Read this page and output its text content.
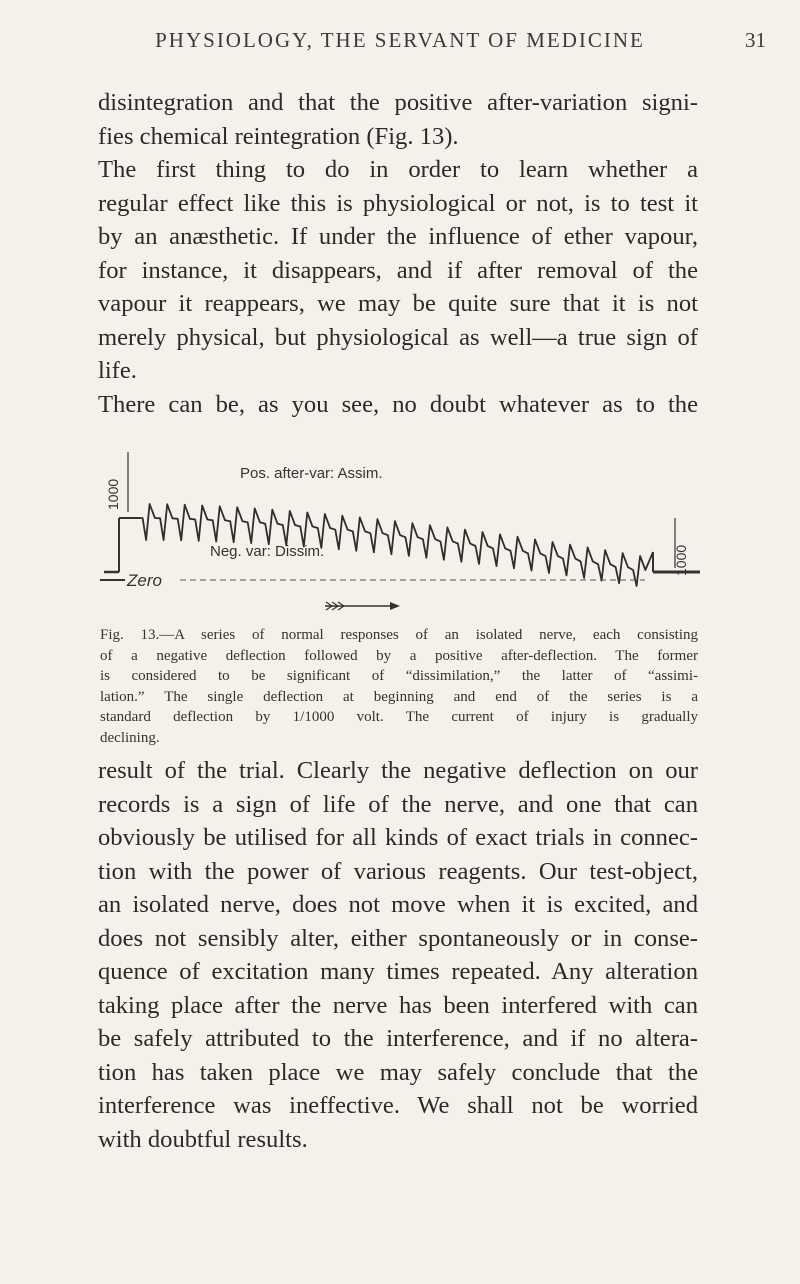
PHYSIOLOGY, THE SERVANT OF MEDICINE	31

disintegration and that the positive after-variation signi-
fies chemical reintegration (Fig. 13).
The first thing to do in order to learn whether a
regular effect like this is physiological or not, is to test it
by an anæsthetic. If under the influence of ether vapour,
for instance, it disappears, and if after removal of the
vapour it reappears, we may be quite sure that it is not
merely physical, but physiological as well—a true sign of
life.
There can be, as you see, no doubt whatever as to the

1000
1000
Pos. after-var: Assim.
Neg. var: Dissim.
Zero

Fig. 13.—A series of normal responses of an isolated nerve, each consisting
of a negative deflection followed by a positive after-deflection. The former
is considered to be significant of “dissimilation,” the latter of “assimi-
lation.” The single deflection at beginning and end of the series is a
standard deflection by 1/1000 volt. The current of injury is gradually
declining.

result of the trial. Clearly the negative deflection on our
records is a sign of life of the nerve, and one that can
obviously be utilised for all kinds of exact trials in connec-
tion with the power of various reagents. Our test-object,
an isolated nerve, does not move when it is excited, and
does not sensibly alter, either spontaneously or in conse-
quence of excitation many times repeated. Any alteration
taking place after the nerve has been interfered with can
be safely attributed to the interference, and if no altera-
tion has taken place we may safely conclude that the
interference was ineffective. We shall not be worried
with doubtful results.
